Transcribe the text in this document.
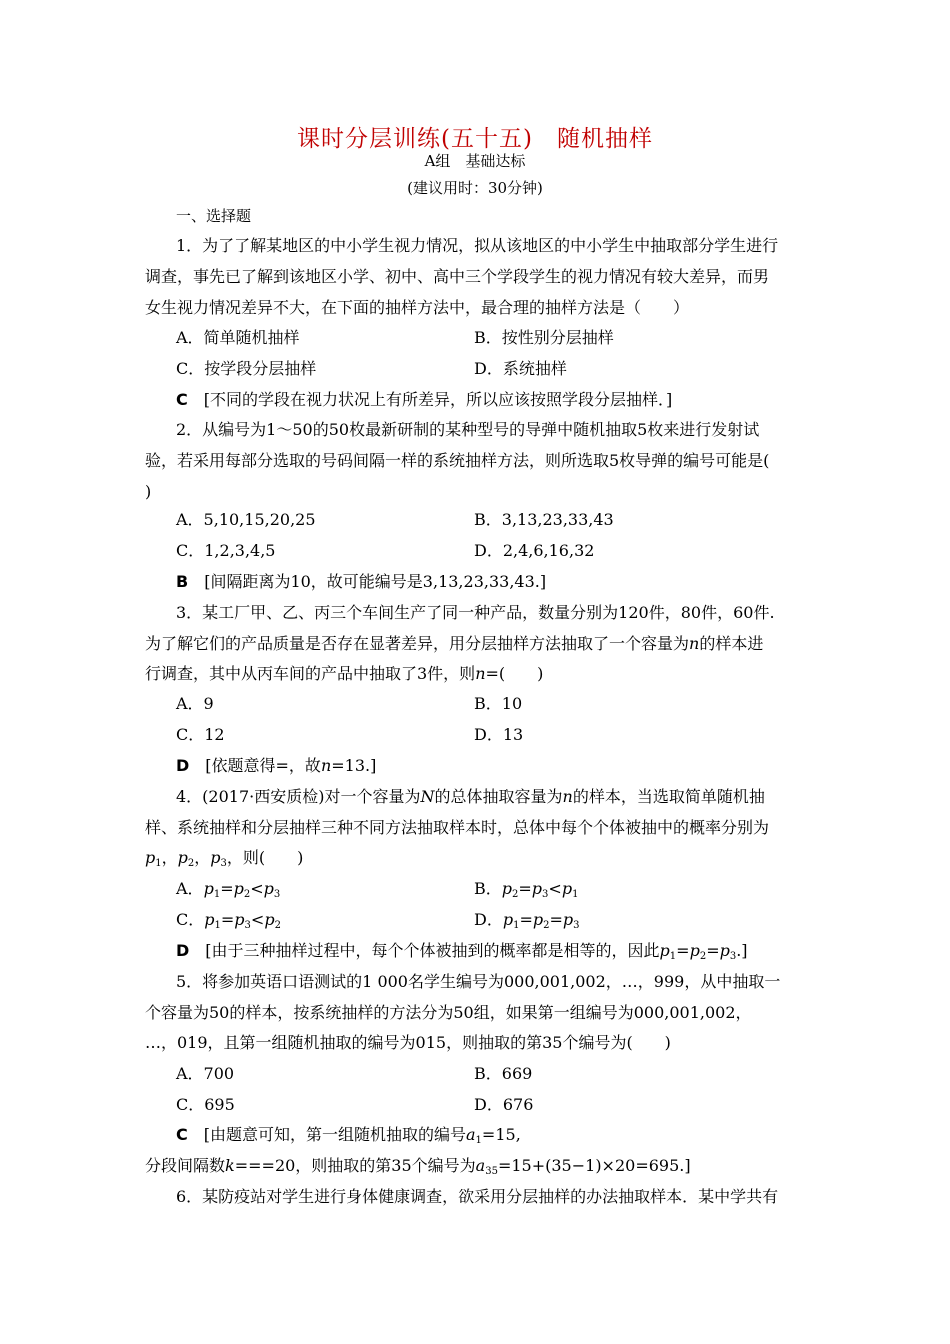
课时分层训练(五十五)　随机抽样
A组　基础达标
(建议用时：30分钟)
一、选择题
1．为了了解某地区的中小学生视力情况，拟从该地区的中小学生中抽取部分学生进行
调查，事先已了解到该地区小学、初中、高中三个学段学生的视力情况有较大差异，而男
女生视力情况差异不大，在下面的抽样方法中，最合理的抽样方法是（　　）
A．简单随机抽样	B．按性别分层抽样
C．按学段分层抽样	D．系统抽样
C　[不同的学段在视力状况上有所差异，所以应该按照学段分层抽样．]
2．从编号为1～50的50枚最新研制的某种型号的导弹中随机抽取5枚来进行发射试
验，若采用每部分选取的号码间隔一样的系统抽样方法，则所选取5枚导弹的编号可能是(
)
A．5,10,15,20,25	B．3,13,23,33,43
C．1,2,3,4,5	D．2,4,6,16,32
B　[间隔距离为10，故可能编号是3,13,23,33,43.]
3．某工厂甲、乙、丙三个车间生产了同一种产品，数量分别为120件，80件，60件.
为了解它们的产品质量是否存在显著差异，用分层抽样方法抽取了一个容量为n的样本进
行调查，其中从丙车间的产品中抽取了3件，则n=(　　)
A．9	B．10
C．12	D．13
D　[依题意得=，故n=13.]
4．(2017·西安质检)对一个容量为N的总体抽取容量为n的样本，当选取简单随机抽
样、系统抽样和分层抽样三种不同方法抽取样本时，总体中每个个体被抽中的概率分别为
$p_1$，$p_2$，$p_3$，则(　　)
A．$p_1=p_2<p_3$	B．$p_2=p_3<p_1$
C．$p_1=p_3<p_2$	D．$p_1=p_2=p_3$
D　[由于三种抽样过程中，每个个体被抽到的概率都是相等的，因此$p_1=p_2=p_3$.]
5．将参加英语口语测试的1 000名学生编号为000,001,002，…，999，从中抽取一
个容量为50的样本，按系统抽样的方法分为50组，如果第一组编号为000,001,002，
…，019，且第一组随机抽取的编号为015，则抽取的第35个编号为(　　)
A．700	B．669
C．695	D．676
C　[由题意可知，第一组随机抽取的编号$a_1=15$,
分段间隔数k===20，则抽取的第35个编号为$a_{35}=15+(35-1)\times 20=695$.]
6．某防疫站对学生进行身体健康调查，欲采用分层抽样的办法抽取样本．某中学共有
